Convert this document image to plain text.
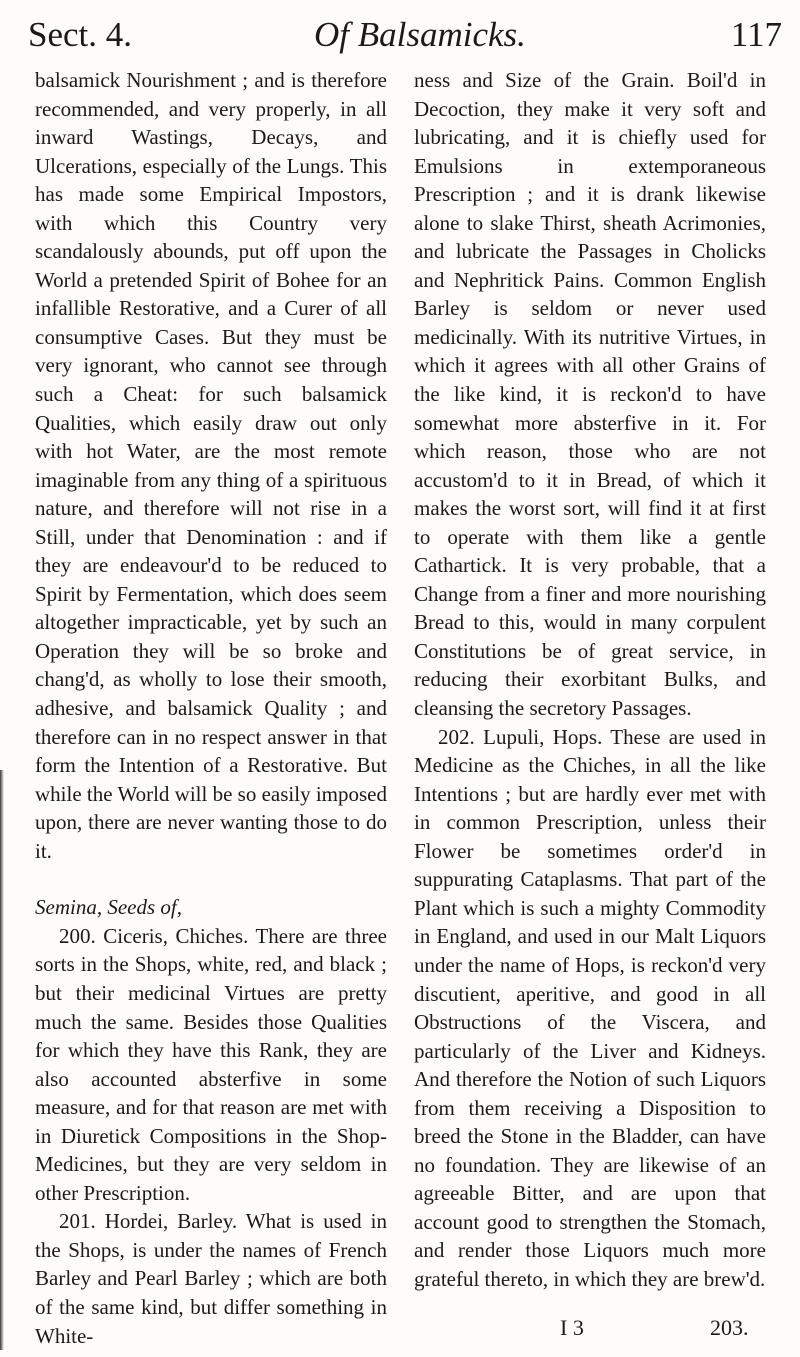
Sect. 4.	Of Balsamicks.	117

balsamick Nourishment ; and is therefore recommended, and very properly, in all inward Wastings, Decays, and Ulcerations, especially of the Lungs. This has made some Empirical Impostors, with which this Country very scandalously abounds, put off upon the World a pretended Spirit of Bohee for an infallible Restorative, and a Curer of all consumptive Cases. But they must be very ignorant, who cannot see through such a Cheat: for such balsamick Qualities, which easily draw out only with hot Water, are the most remote imaginable from any thing of a spirituous nature, and therefore will not rise in a Still, under that Denomination : and if they are endeavour'd to be reduced to Spirit by Fermentation, which does seem altogether impracticable, yet by such an Operation they will be so broke and chang'd, as wholly to lose their smooth, adhesive, and balsamick Quality ; and therefore can in no respect answer in that form the Intention of a Restorative. But while the World will be so easily imposed upon, there are never wanting those to do it.

Semina, Seeds of,

200. Ciceris, Chiches. There are three sorts in the Shops, white, red, and black ; but their medicinal Virtues are pretty much the same. Besides those Qualities for which they have this Rank, they are also accounted absterfive in some measure, and for that reason are met with in Diuretick Compositions in the Shop-Medicines, but they are very seldom in other Prescription.

201. Hordei, Barley. What is used in the Shops, is under the names of French Barley and Pearl Barley ; which are both of the same kind, but differ something in White-

ness and Size of the Grain. Boil'd in Decoction, they make it very soft and lubricating, and it is chiefly used for Emulsions in extemporaneous Prescription ; and it is drank likewise alone to slake Thirst, sheath Acrimonies, and lubricate the Passages in Cholicks and Nephritick Pains. Common English Barley is seldom or never used medicinally. With its nutritive Virtues, in which it agrees with all other Grains of the like kind, it is reckon'd to have somewhat more absterfive in it. For which reason, those who are not accustom'd to it in Bread, of which it makes the worst sort, will find it at first to operate with them like a gentle Cathartick. It is very probable, that a Change from a finer and more nourishing Bread to this, would in many corpulent Constitutions be of great service, in reducing their exorbitant Bulks, and cleansing the secretory Passages.

202. Lupuli, Hops. These are used in Medicine as the Chiches, in all the like Intentions ; but are hardly ever met with in common Prescription, unless their Flower be sometimes order'd in suppurating Cataplasms. That part of the Plant which is such a mighty Commodity in England, and used in our Malt Liquors under the name of Hops, is reckon'd very discutient, aperitive, and good in all Obstructions of the Viscera, and particularly of the Liver and Kidneys. And therefore the Notion of such Liquors from them receiving a Disposition to breed the Stone in the Bladder, can have no foundation. They are likewise of an agreeable Bitter, and are upon that account good to strengthen the Stomach, and render those Liquors much more grateful thereto, in which they are brew'd.

I 3	203.
